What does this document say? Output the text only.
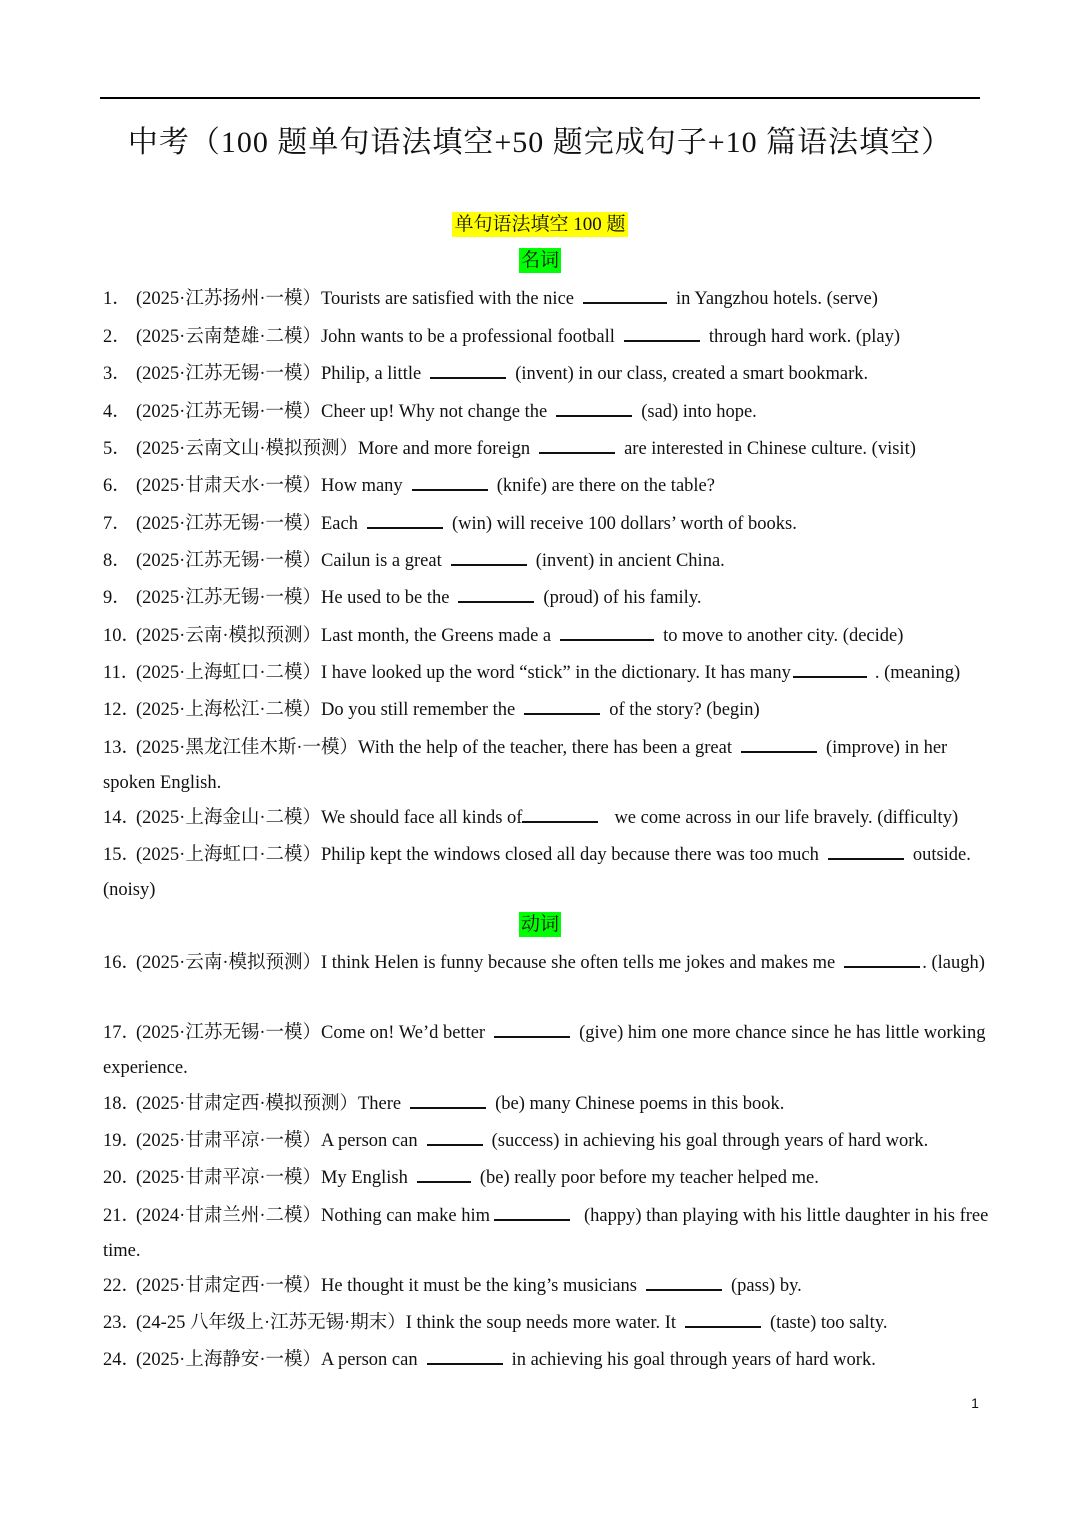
中考（100 题单句语法填空+50 题完成句子+10 篇语法填空）
单句语法填空 100 题
名词
1． (2025·江苏扬州·一模）Tourists are satisfied with the nice	in Yangzhou hotels. (serve)
2． (2025·云南楚雄·二模）John wants to be a professional football	through hard work. (play)
3． (2025·江苏无锡·一模）Philip, a little	(invent) in our class, created a smart bookmark.
4． (2025·江苏无锡·一模）Cheer up! Why not change the	(sad) into hope.
5． (2025·云南文山·模拟预测）More and more foreign	are interested in Chinese culture. (visit)
6． (2025·甘肃天水·一模）How many	(knife) are there on the table?
7． (2025·江苏无锡·一模）Each	(win) will receive 100 dollars’ worth of books.
8． (2025·江苏无锡·一模）Cailun is a great	(invent) in ancient China.
9． (2025·江苏无锡·一模）He used to be the	(proud) of his family.
10．(2025·云南·模拟预测）Last month, the Greens made a	to move to another city. (decide)
11．(2025·上海虹口·二模）I have looked up the word “stick” in the dictionary. It has many	. (meaning)
12．(2025·上海松江·二模）Do you still remember the	of the story? (begin)
13．(2025·黑龙江佳木斯·一模）With the help of the teacher, there has been a great	(improve) in her spoken English.
14．(2025·上海金山·二模）We should face all kinds of	we come across in our life bravely. (difficulty)
15．(2025·上海虹口·二模）Philip kept the windows closed all day because there was too much	outside. (noisy)
动词
16．(2025·云南·模拟预测）I think Helen is funny because she often tells me jokes and makes me	. (laugh)
17．(2025·江苏无锡·一模）Come on! We’d better	(give) him one more chance since he has little working experience.
18．(2025·甘肃定西·模拟预测）There	(be) many Chinese poems in this book.
19．(2025·甘肃平凉·一模）A person can	(success) in achieving his goal through years of hard work.
20．(2025·甘肃平凉·一模）My English	(be) really poor before my teacher helped me.
21．(2024·甘肃兰州·二模）Nothing can make him	(happy) than playing with his little daughter in his free time.
22．(2025·甘肃定西·一模）He thought it must be the king’s musicians	(pass) by.
23．(24-25 八年级上·江苏无锡·期末）I think the soup needs more water. It	(taste) too salty.
24．(2025·上海静安·一模）A person can	in achieving his goal through years of hard work.
1
